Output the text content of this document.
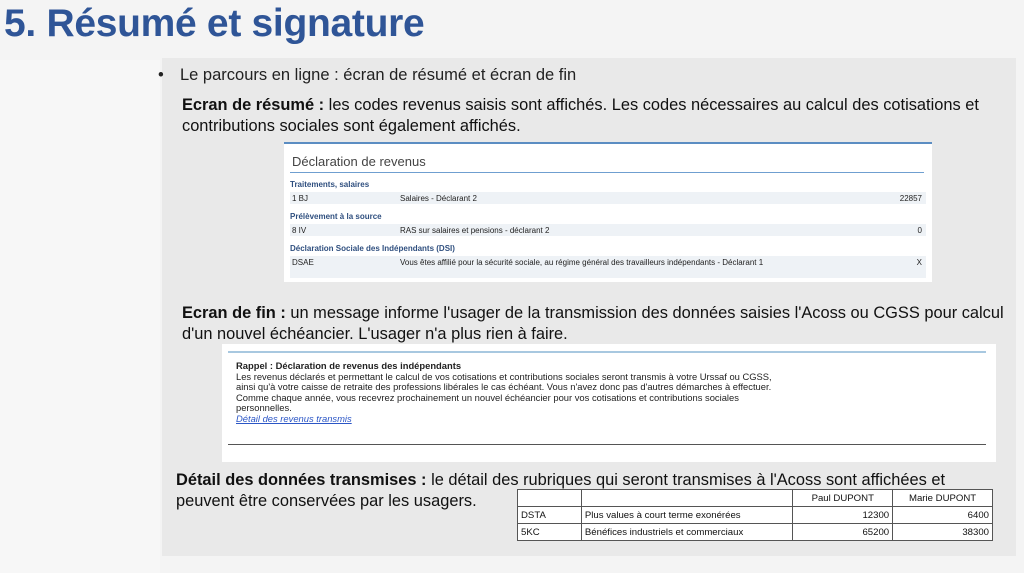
5. Résumé et signature
• Le parcours en ligne : écran de résumé et écran de fin

Ecran de résumé : les codes revenus saisis sont affichés. Les codes nécessaires au calcul des cotisations et contributions sociales sont également affichés.

Déclaration de revenus
Traitements, salaires
1 BJ	Salaires - Déclarant 2	22857
Prélèvement à la source
8 IV	RAS sur salaires et pensions - déclarant 2	0
Déclaration Sociale des Indépendants (DSI)
DSAE	Vous êtes affilié pour la sécurité sociale, au régime général des travailleurs indépendants - Déclarant 1	X

Ecran de fin : un message informe l'usager de la transmission des données saisies l'Acoss ou CGSS pour calcul d'un nouvel échéancier. L'usager n'a plus rien à faire.

Rappel : Déclaration de revenus des indépendants
Les revenus déclarés et permettant le calcul de vos cotisations et contributions sociales seront transmis à votre Urssaf ou CGSS,
ainsi qu'à votre caisse de retraite des professions libérales le cas échéant. Vous n'avez donc pas d'autres démarches à effectuer.
Comme chaque année, vous recevrez prochainement un nouvel échéancier pour vos cotisations et contributions sociales
personnelles.
Détail des revenus transmis

Détail des données transmises : le détail des rubriques qui seront transmises à l'Acoss sont affichées et
peuvent être conservées par les usagers.

			Paul DUPONT	Marie DUPONT
DSTA	Plus values à court terme exonérées	12300	6400
5KC	Bénéfices industriels et commerciaux	65200	38300
